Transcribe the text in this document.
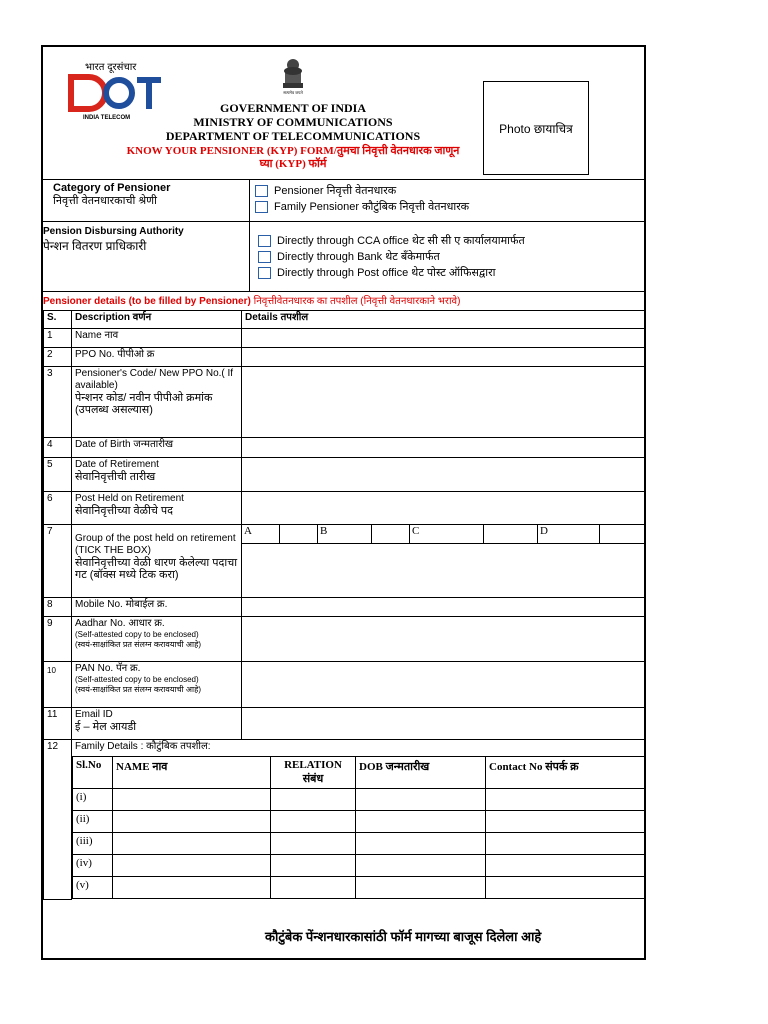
भारत दूरसंचार
INDIA TELECOM
सत्यमेव जयते
GOVERNMENT OF INDIA
MINISTRY OF COMMUNICATIONS
DEPARTMENT OF TELECOMMUNICATIONS
KNOW YOUR PENSIONER (KYP) FORM/तुमचा निवृत्ती वेतनधारक जाणून
घ्या (KYP) फॉर्म
Photo छायाचित्र
Category of Pensioner
निवृत्ती वेतनधारकाची श्रेणी
Pensioner निवृत्ती वेतनधारक
Family Pensioner कौटुंबिक निवृत्ती वेतनधारक
Pension Disbursing Authority
पेन्शन वितरण प्राधिकारी	Directly through CCA office थेट सी सी ए कार्यालयामार्फत
Directly through Bank थेट बँकेमार्फत
Directly through Post office थेट पोस्ट ऑफिसद्वारा
Pensioner details (to be filled by Pensioner) निवृत्तीवेतनधारक का तपशील (निवृत्ती वेतनधारकाने भरावे)
S.	Description वर्णन	Details तपशील
1	Name नाव	
2	PPO No. पीपीओ क्र	
3	Pensioner's Code/ New PPO No.( If available)
पेन्शनर कोड/ नवीन पीपीओ क्रमांक (उपलब्ध असल्यास)

4	Date of Birth जन्मतारीख	
5	Date of Retirement
सेवानिवृत्तीची तारीख

6	Post Held on Retirement
सेवानिवृत्तीच्या वेळीचे पद

7	
Group of the post held on retirement (TICK THE BOX)
सेवानिवृत्तीच्या वेळी धारण केलेल्या पदाचा गट (बॉक्स मध्ये टिक करा)

A	B	C	D

8	Mobile No. मोबाईल क्र.	
9	Aadhar No. आधार क्र.
(Self-attested copy to be enclosed)
(स्वयं-साक्षांकित प्रत संलग्न करावयाची आहे)

10	PAN No. पॅन क्र.
(Self-attested copy to be enclosed)
(स्वयं-साक्षांकित प्रत संलग्न करावयाची आहे)

11	Email ID
ई – मेल आयडी

12	Family Details : कौटुंबिक तपशील:
Sl.No	NAME नाव	RELATION संबंध	DOB जन्मतारीख	Contact No संपर्क क्र
(i)				
(ii)				
(iii)				
(iv)				
(v)				
कौटुंबेक पेंन्शनधारकासांठी फॉर्म मागच्या बाजूस दिलेला आहे
